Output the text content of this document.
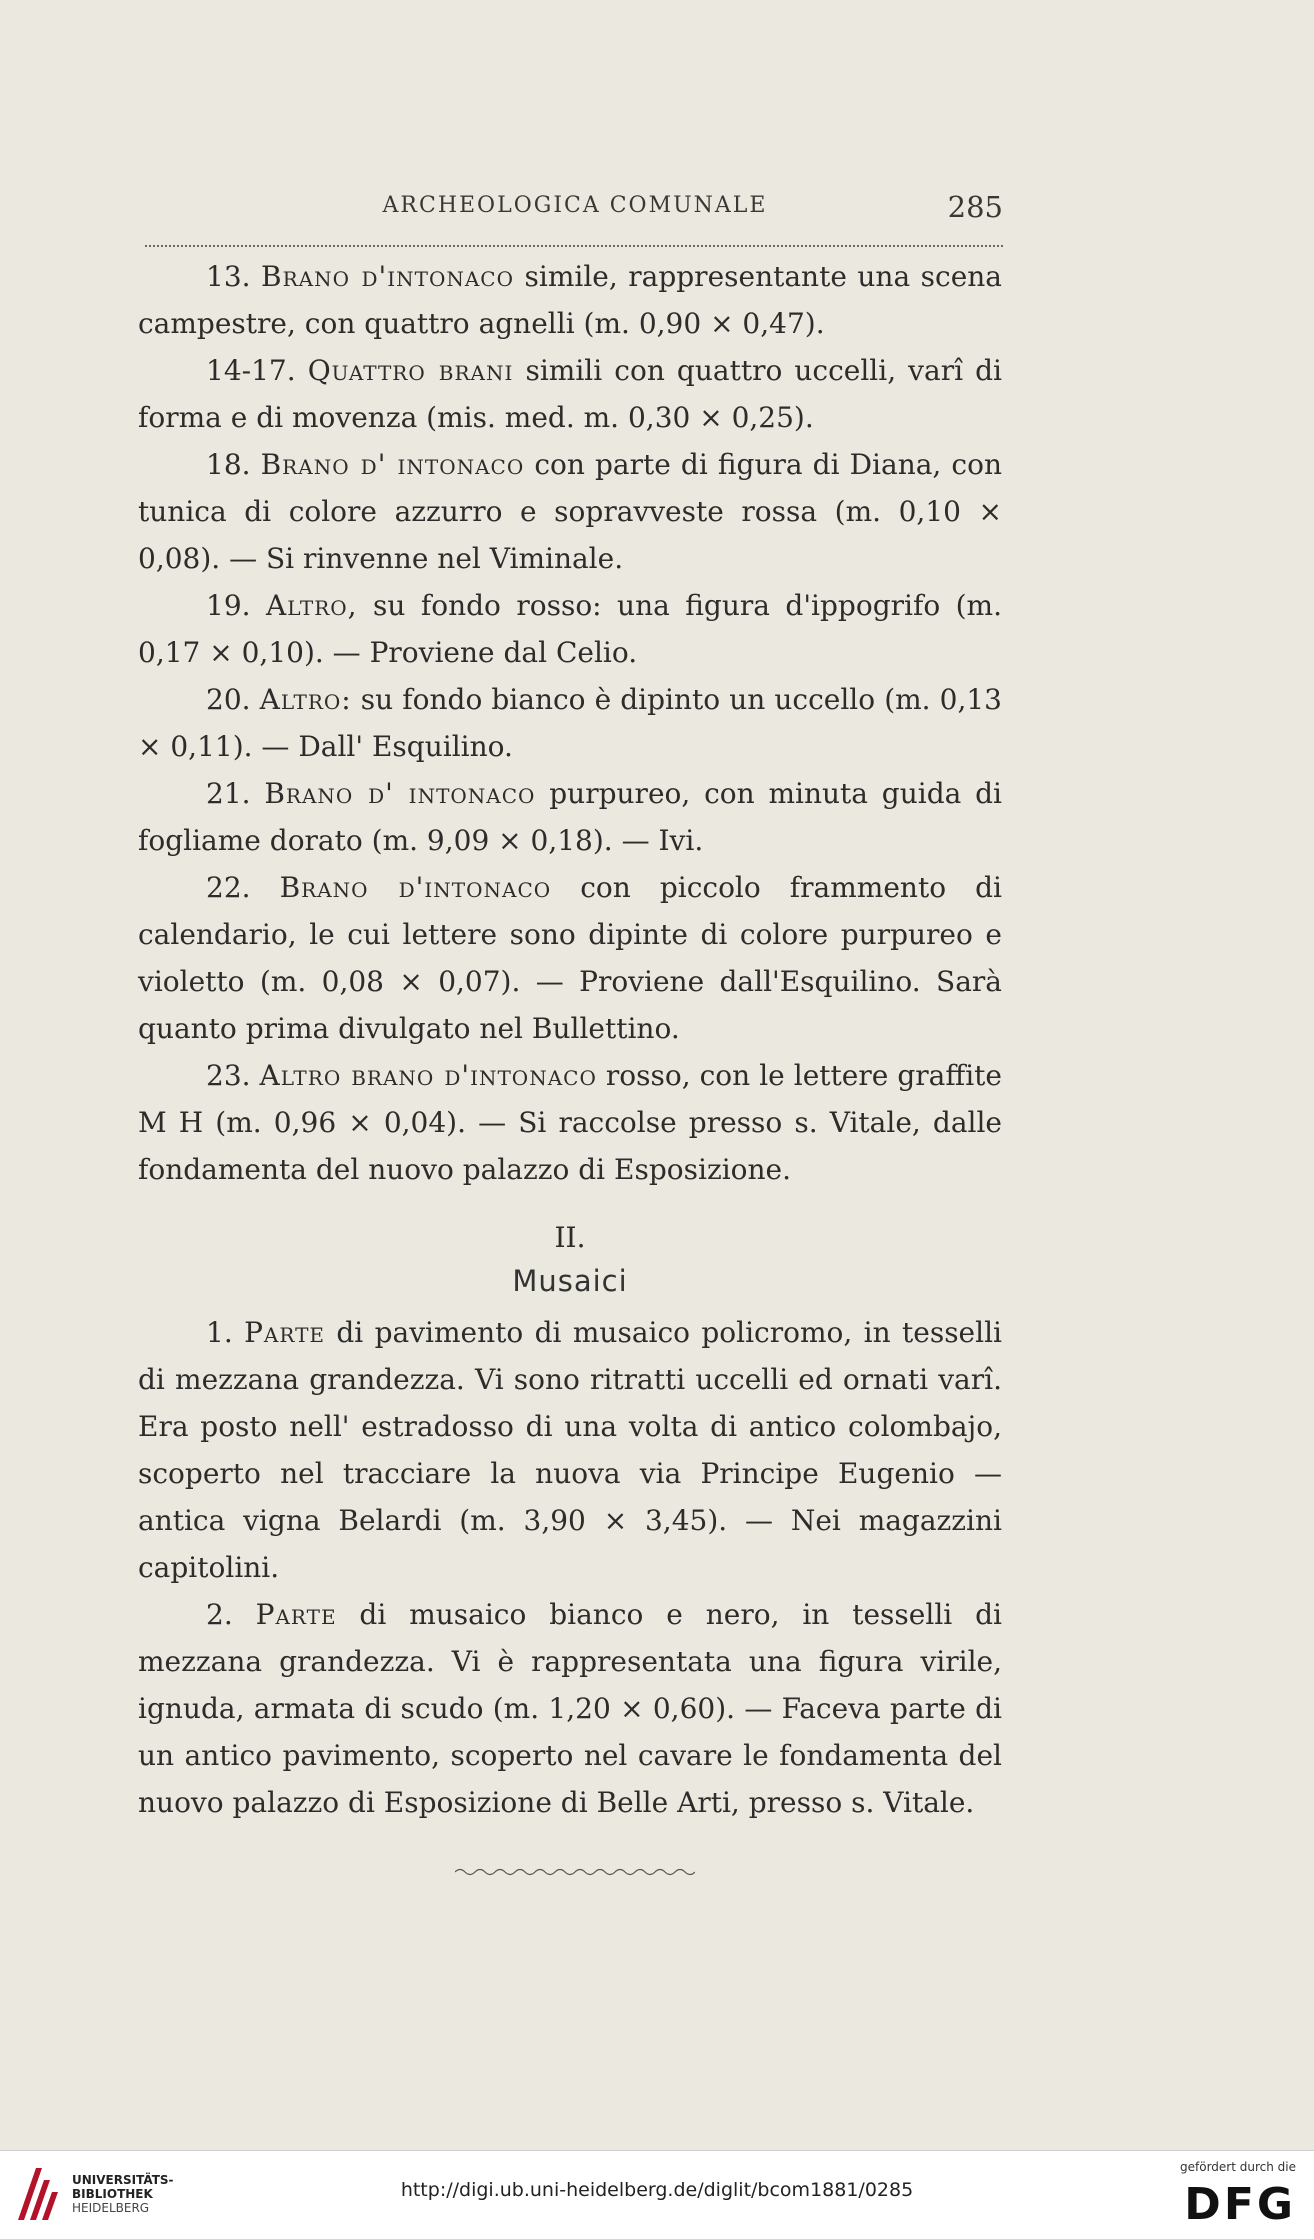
ARCHEOLOGICA COMUNALE	285

13. Brano d'intonaco simile, rappresentante una scena campestre, con quattro agnelli (m. 0,90 × 0,47).

14-17. Quattro brani simili con quattro uccelli, varî di forma e di movenza (mis. med. m. 0,30 × 0,25).

18. Brano d' intonaco con parte di figura di Diana, con tunica di colore azzurro e sopravveste rossa (m. 0,10 × 0,08). — Si rinvenne nel Viminale.

19. Altro, su fondo rosso: una figura d'ippogrifo (m. 0,17 × 0,10). — Proviene dal Celio.

20. Altro: su fondo bianco è dipinto un uccello (m. 0,13 × 0,11). — Dall' Esquilino.

21. Brano d' intonaco purpureo, con minuta guida di fogliame dorato (m. 9,09 × 0,18). — Ivi.

22. Brano d'intonaco con piccolo frammento di calendario, le cui lettere sono dipinte di colore purpureo e violetto (m. 0,08 × 0,07). — Proviene dall'Esquilino. Sarà quanto prima divulgato nel Bullettino.

23. Altro brano d'intonaco rosso, con le lettere graffite M H (m. 0,96 × 0,04). — Si raccolse presso s. Vitale, dalle fondamenta del nuovo palazzo di Esposizione.

II.
Musaici

1. Parte di pavimento di musaico policromo, in tesselli di mezzana grandezza. Vi sono ritratti uccelli ed ornati varî. Era posto nell' estradosso di una volta di antico colombajo, scoperto nel tracciare la nuova via Principe Eugenio — antica vigna Belardi (m. 3,90 × 3,45). — Nei magazzini capitolini.

2. Parte di musaico bianco e nero, in tesselli di mezzana grandezza. Vi è rappresentata una figura virile, ignuda, armata di scudo (m. 1,20 × 0,60). — Faceva parte di un antico pavimento, scoperto nel cavare le fondamenta del nuovo palazzo di Esposizione di Belle Arti, presso s. Vitale.

UNIVERSITÄTS-
BIBLIOTHEK
HEIDELBERG
http://digi.ub.uni-heidelberg.de/diglit/bcom1881/0285
gefördert durch die
DFG
